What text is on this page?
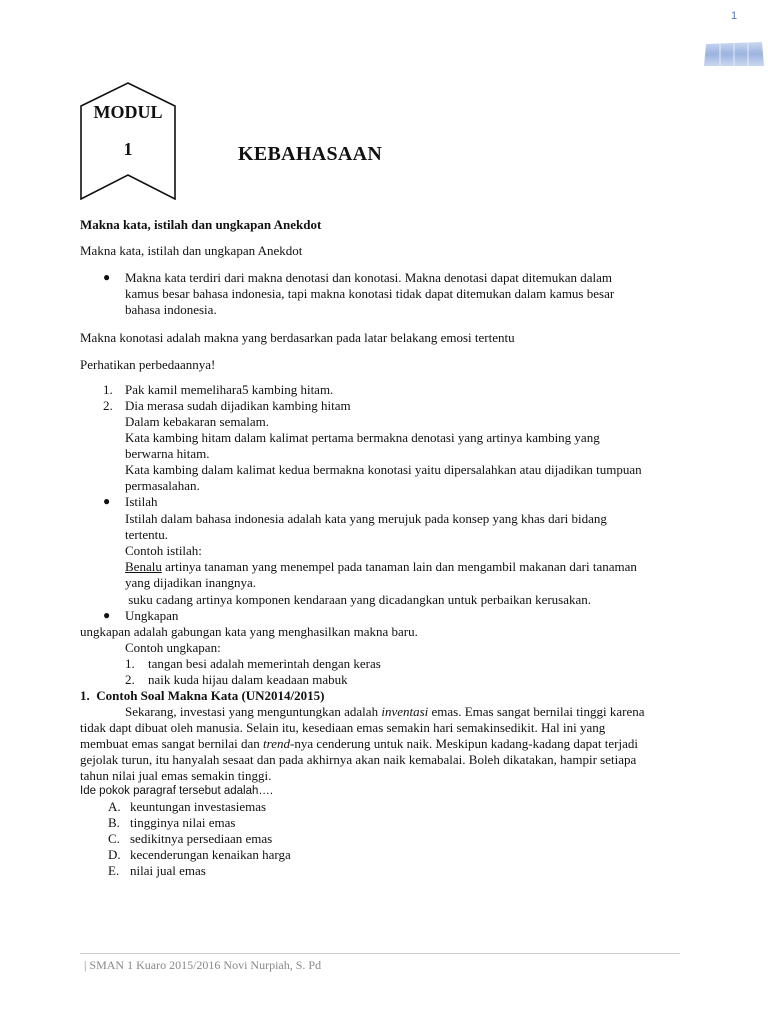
1
MODUL
1	KEBAHASAAN
Makna kata, istilah dan ungkapan Anekdot
Makna kata, istilah dan ungkapan Anekdot
● Makna kata terdiri dari makna denotasi dan konotasi. Makna denotasi dapat ditemukan dalam
kamus besar bahasa indonesia, tapi makna konotasi tidak dapat ditemukan dalam kamus besar
bahasa indonesia.
Makna konotasi adalah makna yang berdasarkan pada latar belakang emosi tertentu
Perhatikan perbedaannya!
1. Pak kamil memelihara5 kambing hitam.
2. Dia merasa sudah dijadikan kambing hitam
Dalam kebakaran semalam.
Kata kambing hitam dalam kalimat pertama bermakna denotasi yang artinya kambing yang
berwarna hitam.
Kata kambing dalam kalimat kedua bermakna konotasi yaitu dipersalahkan atau dijadikan tumpuan
permasalahan.
● Istilah
Istilah dalam bahasa indonesia adalah kata yang merujuk pada konsep yang khas dari bidang
tertentu.
Contoh istilah:
Benalu artinya tanaman yang menempel pada tanaman lain dan mengambil makanan dari tanaman
yang dijadikan inangnya.
suku cadang artinya komponen kendaraan yang dicadangkan untuk perbaikan kerusakan.
● Ungkapan
ungkapan adalah gabungan kata yang menghasilkan makna baru.
Contoh ungkapan:
1. tangan besi adalah memerintah dengan keras
2. naik kuda hijau dalam keadaan mabuk
1.  Contoh Soal Makna Kata (UN2014/2015)
Sekarang, investasi yang menguntungkan adalah inventasi emas. Emas sangat bernilai tinggi karena
tidak dapt dibuat oleh manusia. Selain itu, kesediaan emas semakin hari semakinsedikit. Hal ini yang
membuat emas sangat bernilai dan trend-nya cenderung untuk naik. Meskipun kadang-kadang dapat terjadi
gejolak turun, itu hanyalah sesaat dan pada akhirnya akan naik kemabalai. Boleh dikatakan, hampir setiapa
tahun nilai jual emas semakin tinggi.
Ide pokok paragraf tersebut adalah….
A. keuntungan investasiemas
B. tingginya nilai emas
C. sedikitnya persediaan emas
D. kecenderungan kenaikan harga
E. nilai jual emas
| SMAN 1 Kuaro 2015/2016 Novi Nurpiah, S. Pd
